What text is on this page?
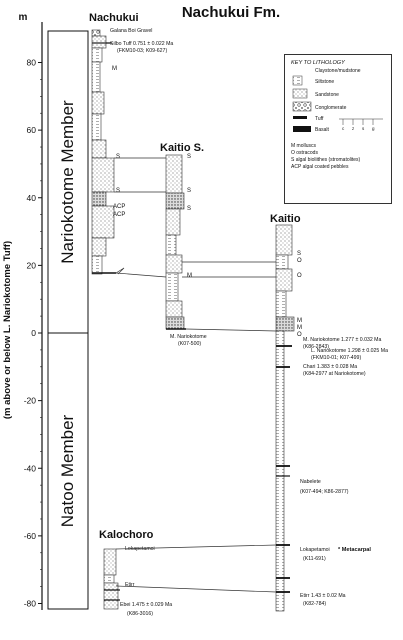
Nachukui Fm.
m
80
60
40
20
0
-20
-40
-60
-80
(m above or below L. Nariokotome Tuff)
Nariokotome Member
Natoo Member
Nachukui
Kaitio S.
Kaitio
Kalochoro
Galana Boi Gravel
Silbo Tuff 0.751 ± 0.022 Ma
(FKM10-03; K09-627)
M
S
S
ACP
ACP
S
S
S
M
M. Nariokotome
(K07-500)
S
O
O
M
M
O
M. Nariokotome 1.277 ± 0.032 Ma
(K86-2843)
L. Nariokotome 1.298 ± 0.025 Ma
(FKM10-01; K07-499)
Chari 1.383 ± 0.028 Ma
(K84-2977 at Nariokotome)
Nabelete
(K07-494; K86-2877)
Lokapetamoi * Metacarpal
(K11-691)
Etirr 1.43 ± 0.02 Ma
(K82-784)
Lokapetamoi
Etirr
Ebei 1.475 ± 0.029 Ma
(K86-3016)
KEY TO LITHOLOGY
Claystone/mudstone
Siltstone
Sandstone
Conglomerate
Tuff
Basalt	c z s g
M molluscs
O ostracods
S algal bioliithes (stromatolites)
ACP algal coated pebbles
